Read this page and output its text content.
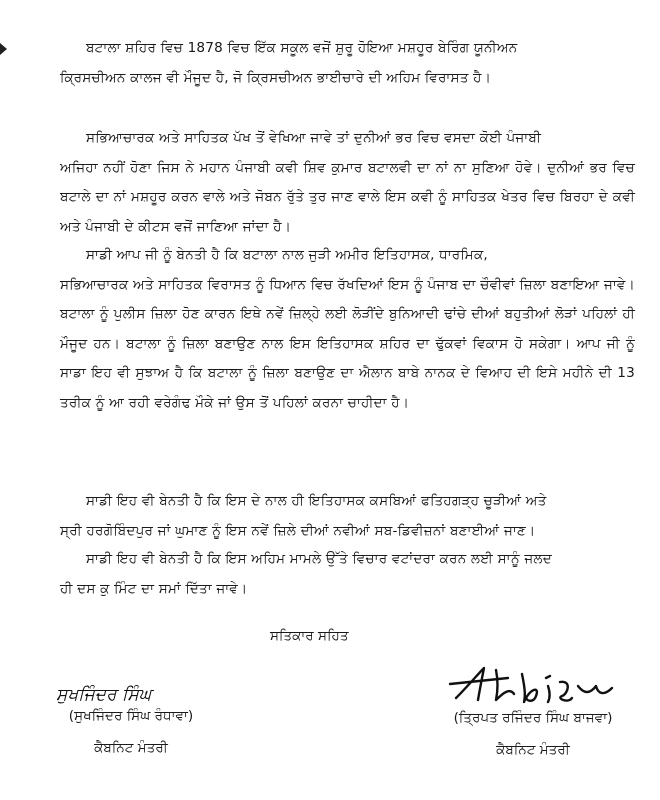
ਬਟਾਲਾ ਸ਼ਹਿਰ ਵਿਚ 1878 ਵਿਚ ਇੱਕ ਸਕੂਲ ਵਜੋਂ ਸ਼ੁਰੂ ਹੋਇਆ ਮਸ਼ਹੂਰ ਬੇਰਿੰਗ ਯੂਨੀਅਨ
ਕ੍ਰਿਸਚੀਅਨ ਕਾਲਜ ਵੀ ਮੌਜੂਦ ਹੈ, ਜੋ ਕ੍ਰਿਸਚੀਅਨ ਭਾਈਚਾਰੇ ਦੀ ਅਹਿਮ ਵਿਰਾਸਤ ਹੈ।

ਸਭਿਆਚਾਰਕ ਅਤੇ ਸਾਹਿਤਕ ਪੱਖ ਤੋਂ ਵੇਖਿਆ ਜਾਵੇ ਤਾਂ ਦੁਨੀਆਂ ਭਰ ਵਿਚ ਵਸਦਾ ਕੋਈ ਪੰਜਾਬੀ
ਅਜਿਹਾ ਨਹੀਂ ਹੋਣਾ ਜਿਸ ਨੇ ਮਹਾਨ ਪੰਜਾਬੀ ਕਵੀ ਸ਼ਿਵ ਕੁਮਾਰ ਬਟਾਲਵੀ ਦਾ ਨਾਂ ਨਾ ਸੁਣਿਆ ਹੋਵੇ। ਦੁਨੀਆਂ ਭਰ ਵਿਚ ਬਟਾਲੇ ਦਾ ਨਾਂ ਮਸ਼ਹੂਰ ਕਰਨ ਵਾਲੇ ਅਤੇ ਜੋਬਨ ਰੁੱਤੇ ਤੁਰ ਜਾਣ ਵਾਲੇ ਇਸ ਕਵੀ ਨੂੰ ਸਾਹਿਤਕ ਖੇਤਰ ਵਿਚ ਬਿਰਹਾ ਦੇ ਕਵੀ ਅਤੇ ਪੰਜਾਬੀ ਦੇ ਕੀਟਸ ਵਜੋਂ ਜਾਣਿਆ ਜਾਂਦਾ ਹੈ।

ਸਾਡੀ ਆਪ ਜੀ ਨੂੰ ਬੇਨਤੀ ਹੈ ਕਿ ਬਟਾਲਾ ਨਾਲ ਜੁੜੀ ਅਮੀਰ ਇਤਿਹਾਸਕ, ਧਾਰਮਿਕ,
ਸਭਿਆਚਾਰਕ ਅਤੇ ਸਾਹਿਤਕ ਵਿਰਾਸਤ ਨੂੰ ਧਿਆਨ ਵਿਚ ਰੱਖਦਿਆਂ ਇਸ ਨੂੰ ਪੰਜਾਬ ਦਾ ਚੌਵੀਵਾਂ ਜ਼ਿਲਾ ਬਣਾਇਆ ਜਾਵੇ। ਬਟਾਲਾ ਨੂੰ ਪੁਲੀਸ ਜ਼ਿਲਾ ਹੋਣ ਕਾਰਨ ਇਥੇ ਨਵੇਂ ਜ਼ਿਲ੍ਹੇ ਲਈ ਲੋੜੀਂਦੇ ਬੁਨਿਆਦੀ ਢਾਂਚੇ ਦੀਆਂ ਬਹੁਤੀਆਂ ਲੋੜਾਂ ਪਹਿਲਾਂ ਹੀ ਮੌਜੂਦ ਹਨ। ਬਟਾਲਾ ਨੂੰ ਜ਼ਿਲਾ ਬਣਾਉਣ ਨਾਲ ਇਸ ਇਤਿਹਾਸਕ ਸ਼ਹਿਰ ਦਾ ਢੁੱਕਵਾਂ ਵਿਕਾਸ ਹੋ ਸਕੇਗਾ। ਆਪ ਜੀ ਨੂੰ ਸਾਡਾ ਇਹ ਵੀ ਸੁਝਾਅ ਹੈ ਕਿ ਬਟਾਲਾ ਨੂੰ ਜ਼ਿਲਾ ਬਣਾਉਣ ਦਾ ਐਲਾਨ ਬਾਬੇ ਨਾਨਕ ਦੇ ਵਿਆਹ ਦੀ ਇਸੇ ਮਹੀਨੇ ਦੀ 13 ਤਰੀਕ ਨੂੰ ਆ ਰਹੀ ਵਰੇਗੰਢ ਮੌਕੇ ਜਾਂ ਉਸ ਤੋਂ ਪਹਿਲਾਂ ਕਰਨਾ ਚਾਹੀਦਾ ਹੈ।

ਸਾਡੀ ਇਹ ਵੀ ਬੇਨਤੀ ਹੈ ਕਿ ਇਸ ਦੇ ਨਾਲ ਹੀ ਇਤਿਹਾਸਕ ਕਸਬਿਆਂ ਫਤਿਹਗੜ੍ਹ ਚੂੜੀਆਂ ਅਤੇ
ਸ੍ਰੀ ਹਰਗੋਬਿੰਦਪੁਰ ਜਾਂ ਘੁਮਾਣ ਨੂੰ ਇਸ ਨਵੇਂ ਜ਼ਿਲੇ ਦੀਆਂ ਨਵੀਆਂ ਸਬ-ਡਿਵੀਜ਼ਨਾਂ ਬਣਾਈਆਂ ਜਾਣ।

ਸਾਡੀ ਇਹ ਵੀ ਬੇਨਤੀ ਹੈ ਕਿ ਇਸ ਅਹਿਮ ਮਾਮਲੇ ਉੱਤੇ ਵਿਚਾਰ ਵਟਾਂਦਰਾ ਕਰਨ ਲਈ ਸਾਨੂੰ ਜਲਦ
ਹੀ ਦਸ ਕੁ ਮਿੰਟ ਦਾ ਸਮਾਂ ਦਿੱਤਾ ਜਾਵੇ।

ਸਤਿਕਾਰ ਸਹਿਤ
ਸੁਖਜਿੰਦਰ ਸਿੰਘ
(ਸੁਖਜਿੰਦਰ ਸਿੰਘ ਰੰਧਾਵਾ)
ਕੈਬਨਿਟ ਮੰਤਰੀ
(ਤ੍ਰਿਪਤ ਰਜਿੰਦਰ ਸਿੰਘ ਬਾਜਵਾ)
ਕੈਬਨਿਟ ਮੰਤਰੀ
